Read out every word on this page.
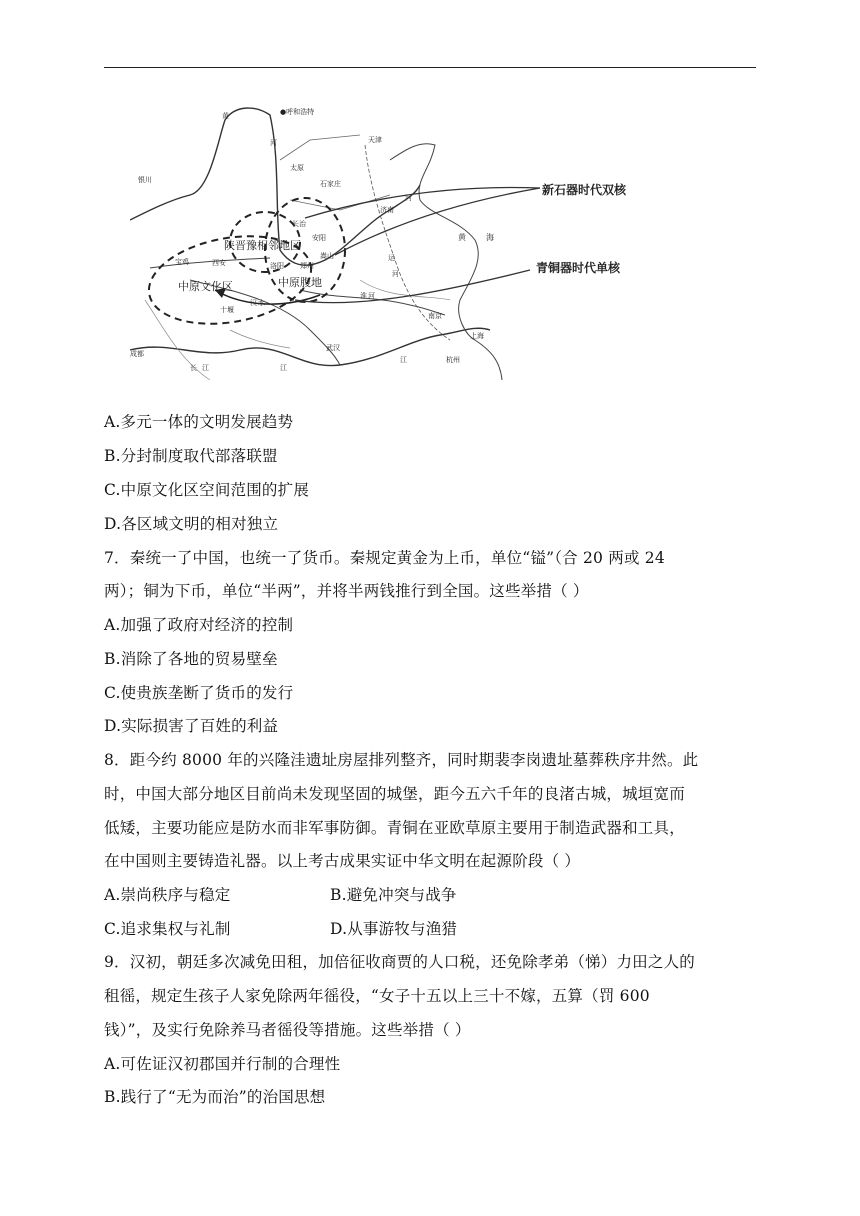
新石器时代双核
青铜器时代单核
陕晋豫相邻地区
中原腹地
中原文化区
●呼和浩特
银川
太原
石家庄
济南
长治
安阳
郑州
洛阳
西安
宝鸡
嵩山
十堰
成都
武汉
南京
上海
杭州
天津
黄	海
黄
河
河
江
江
汉 水
淮 河
运
河
长 江
A.多元一体的文明发展趋势
B.分封制度取代部落联盟
C.中原文化区空间范围的扩展
D.各区域文明的相对独立
7．秦统一了中国，也统一了货币。秦规定黄金为上币，单位“镒”（合 20 两或 24
两）；铜为下币，单位“半两”，并将半两钱推行到全国。这些举措（ ）
A.加强了政府对经济的控制
B.消除了各地的贸易壁垒
C.使贵族垄断了货币的发行
D.实际损害了百姓的利益
8．距今约 8000 年的兴隆洼遗址房屋排列整齐，同时期裴李岗遗址墓葬秩序井然。此
时，中国大部分地区目前尚未发现坚固的城堡，距今五六千年的良渚古城，城垣宽而
低矮，主要功能应是防水而非军事防御。青铜在亚欧草原主要用于制造武器和工具，
在中国则主要铸造礼器。以上考古成果实证中华文明在起源阶段（ ）
A.崇尚秩序与稳定	B.避免冲突与战争
C.追求集权与礼制	D.从事游牧与渔猎
9．汉初，朝廷多次减免田租，加倍征收商贾的人口税，还免除孝弟（悌）力田之人的
租徭，规定生孩子人家免除两年徭役，“女子十五以上三十不嫁，五算（罚 600
钱）”，及实行免除养马者徭役等措施。这些举措（ ）
A.可佐证汉初郡国并行制的合理性
B.践行了“无为而治”的治国思想
